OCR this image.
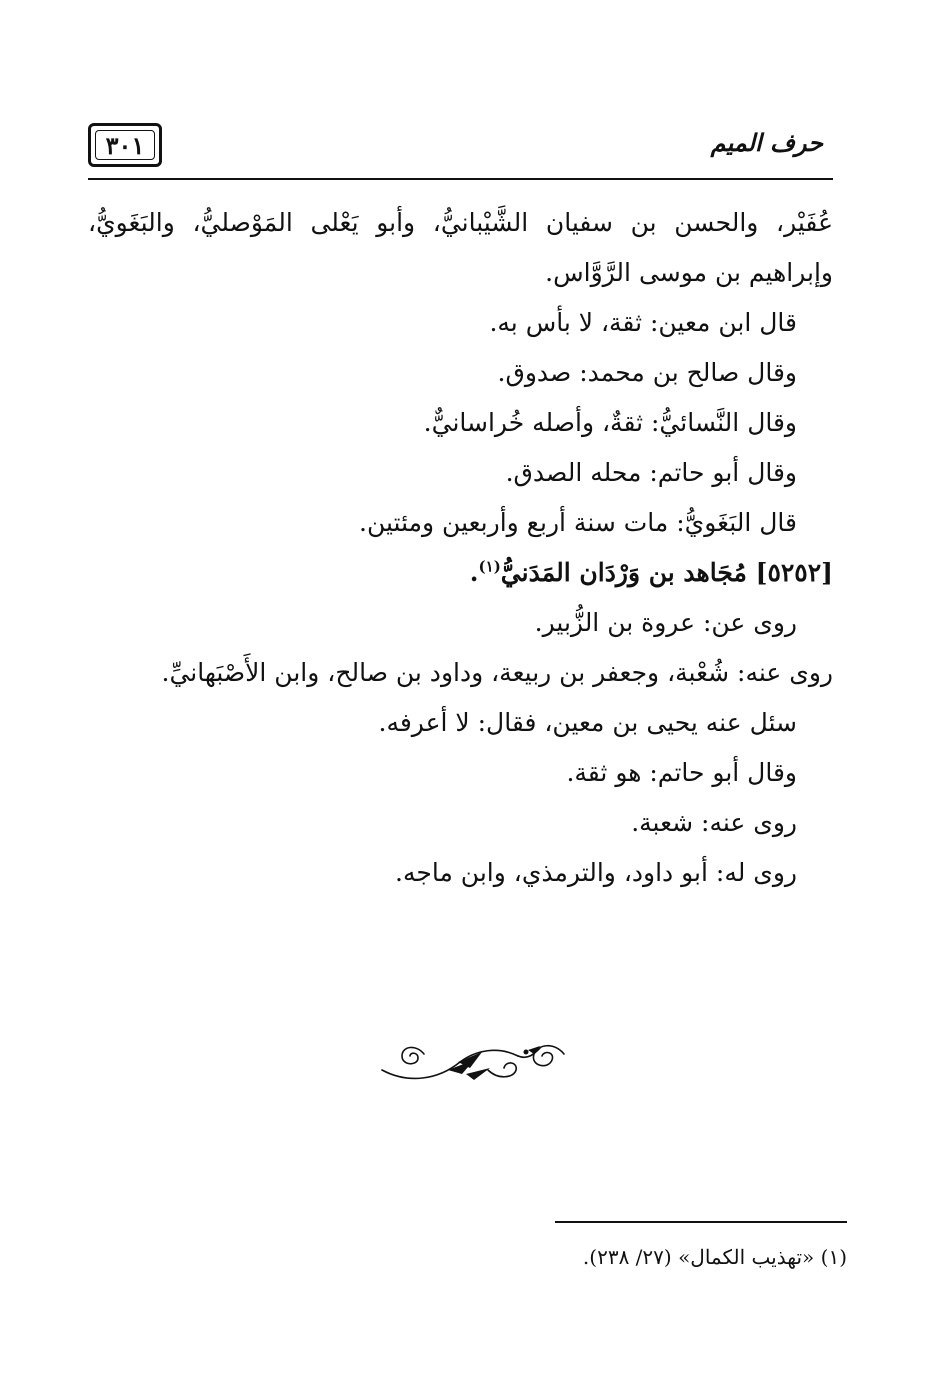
حرف الميم
٣٠١
عُفَيْر، والحسن بن سفيان الشَّيْبانيُّ، وأبو يَعْلى المَوْصليُّ، والبَغَويُّ،
وإبراهيم بن موسى الرَّوَّاس.
قال ابن معين: ثقة، لا بأس به.
وقال صالح بن محمد: صدوق.
وقال النَّسائيُّ: ثقةٌ، وأصله خُراسانيٌّ.
وقال أبو حاتم: محله الصدق.
قال البَغَويُّ: مات سنة أربع وأربعين ومئتين.
[٥٢٥٢] مُجَاهد بن وَرْدَان المَدَنيُّ$^{(١)}$.
روى عن: عروة بن الزُّبير.
روى عنه: شُعْبة، وجعفر بن ربيعة، وداود بن صالح، وابن الأَصْبَهانيِّ.
سئل عنه يحيى بن معين، فقال: لا أعرفه.
وقال أبو حاتم: هو ثقة.
روى عنه: شعبة.
روى له: أبو داود، والترمذي، وابن ماجه.
(١) «تهذيب الكمال» (٢٧/ ٢٣٨).
